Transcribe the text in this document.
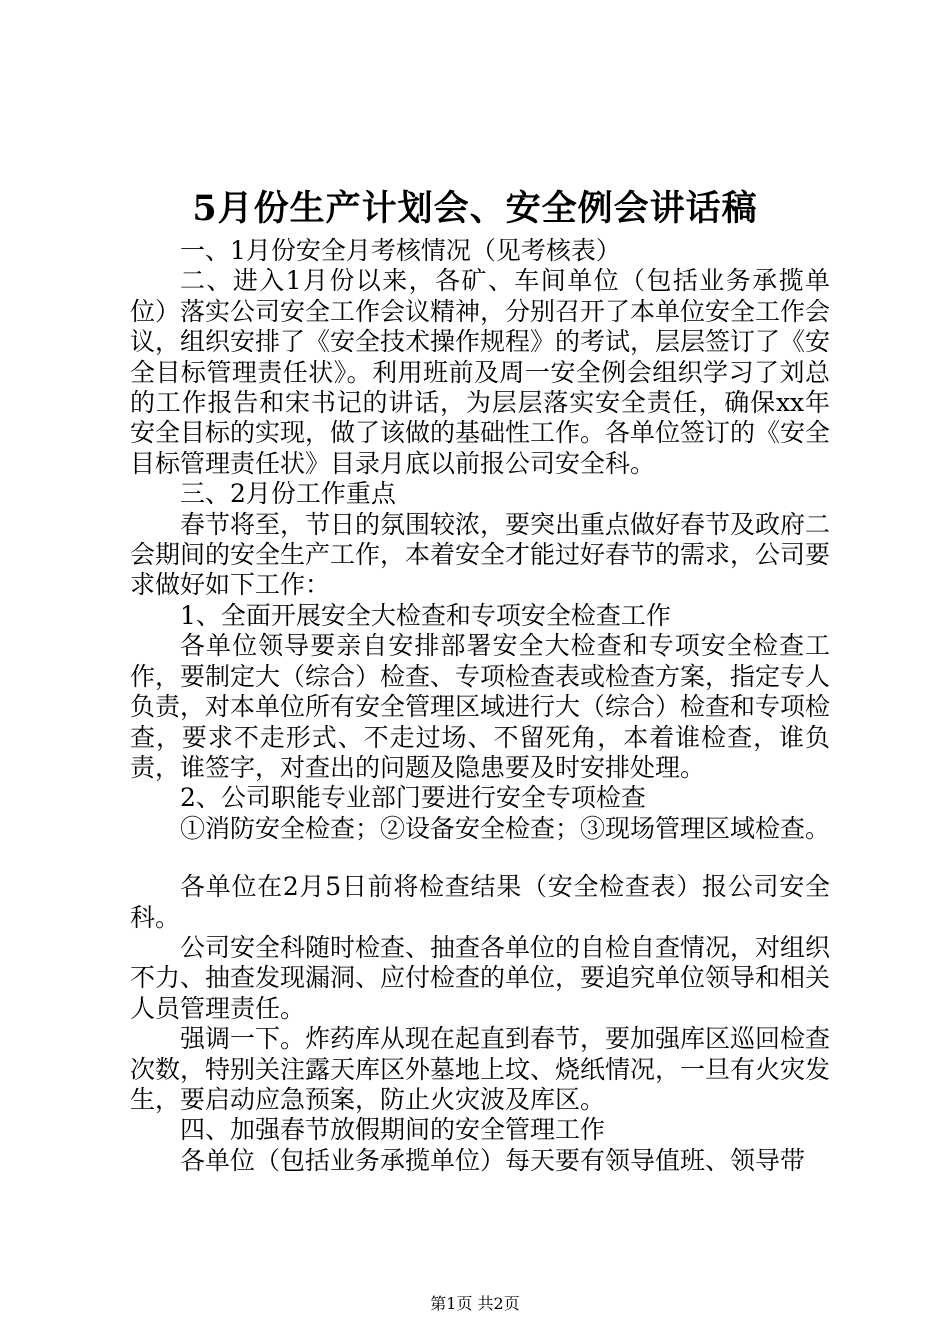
5月份生产计划会、安全例会讲话稿

一、1月份安全月考核情况（见考核表）

二、进入1月份以来，各矿、车间单位（包括业务承揽单位）落实公司安全工作会议精神，分别召开了本单位安全工作会议，组织安排了《安全技术操作规程》的考试，层层签订了《安全目标管理责任状》。利用班前及周一安全例会组织学习了刘总的工作报告和宋书记的讲话，为层层落实安全责任，确保xx年安全目标的实现，做了该做的基础性工作。各单位签订的《安全目标管理责任状》目录月底以前报公司安全科。

三、2月份工作重点

春节将至，节日的氛围较浓，要突出重点做好春节及政府二会期间的安全生产工作，本着安全才能过好春节的需求，公司要求做好如下工作：

1、全面开展安全大检查和专项安全检查工作

各单位领导要亲自安排部署安全大检查和专项安全检查工作，要制定大（综合）检查、专项检查表或检查方案，指定专人负责，对本单位所有安全管理区域进行大（综合）检查和专项检查，要求不走形式、不走过场、不留死角，本着谁检查，谁负责，谁签字，对查出的问题及隐患要及时安排处理。

2、公司职能专业部门要进行安全专项检查

①消防安全检查；②设备安全检查；③现场管理区域检查。

各单位在2月5日前将检查结果（安全检查表）报公司安全科。

公司安全科随时检查、抽查各单位的自检自查情况，对组织不力、抽查发现漏洞、应付检查的单位，要追究单位领导和相关人员管理责任。

强调一下。炸药库从现在起直到春节，要加强库区巡回检查次数，特别关注露天库区外墓地上坟、烧纸情况，一旦有火灾发生，要启动应急预案，防止火灾波及库区。

四、加强春节放假期间的安全管理工作

各单位（包括业务承揽单位）每天要有领导值班、领导带

第1页 共2页
